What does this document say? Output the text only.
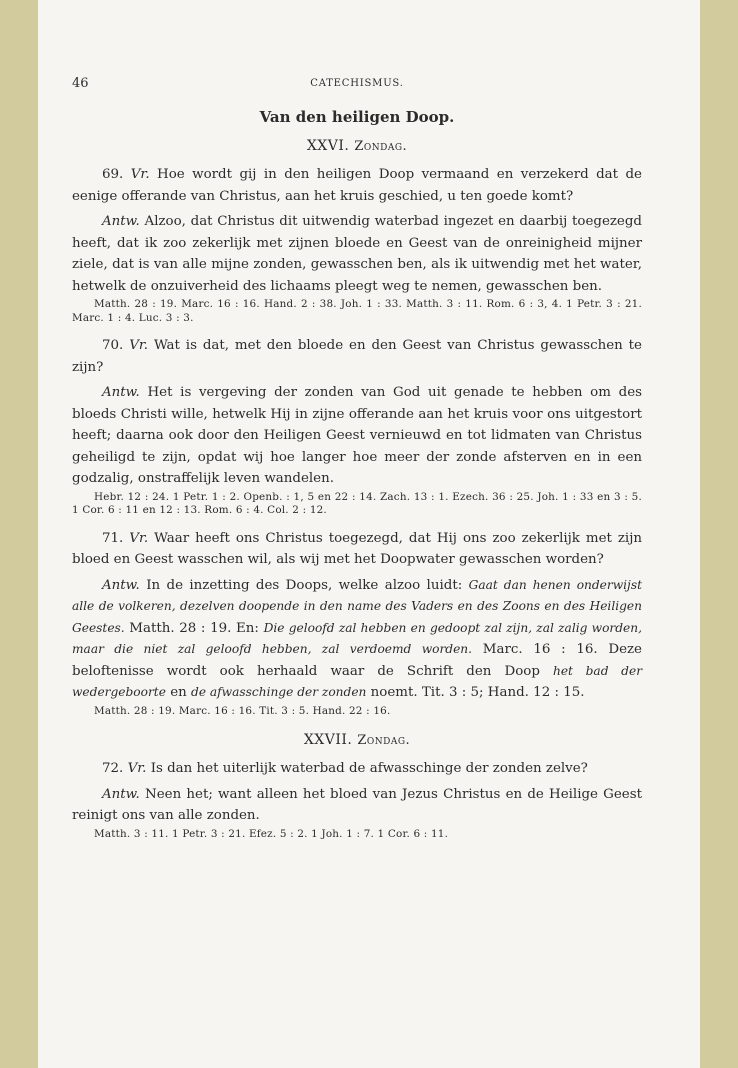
46	CATECHISMUS.
Van den heiligen Doop.
XXVI. Zondag.

69. Vr. Hoe wordt gij in den heiligen Doop vermaand en verzekerd dat de eenige offerande van Christus, aan het kruis geschied, u ten goede komt?

Antw. Alzoo, dat Christus dit uitwendig waterbad ingezet en daarbij toegezegd heeft, dat ik zoo zekerlijk met zijnen bloede en Geest van de onreinigheid mijner ziele, dat is van alle mijne zonden, gewasschen ben, als ik uitwendig met het water, hetwelk de onzuiverheid des lichaams pleegt weg te nemen, gewasschen ben.

Matth. 28 : 19. Marc. 16 : 16. Hand. 2 : 38. Joh. 1 : 33. Matth. 3 : 11. Rom. 6 : 3, 4. 1 Petr. 3 : 21. Marc. 1 : 4. Luc. 3 : 3.

70. Vr. Wat is dat, met den bloede en den Geest van Christus gewasschen te zijn?

Antw. Het is vergeving der zonden van God uit genade te hebben om des bloeds Christi wille, hetwelk Hij in zijne offerande aan het kruis voor ons uitgestort heeft; daarna ook door den Heiligen Geest vernieuwd en tot lidmaten van Christus geheiligd te zijn, opdat wij hoe langer hoe meer der zonde afsterven en in een godzalig, onstraffelijk leven wandelen.

Hebr. 12 : 24. 1 Petr. 1 : 2. Openb. : 1, 5 en 22 : 14. Zach. 13 : 1. Ezech. 36 : 25. Joh. 1 : 33 en 3 : 5. 1 Cor. 6 : 11 en 12 : 13. Rom. 6 : 4. Col. 2 : 12.

71. Vr. Waar heeft ons Christus toegezegd, dat Hij ons zoo zekerlijk met zijn bloed en Geest wasschen wil, als wij met het Doopwater gewasschen worden?

Antw. In de inzetting des Doops, welke alzoo luidt: Gaat dan henen onderwijst alle de volkeren, dezelven doopende in den name des Vaders en des Zoons en des Heiligen Geestes. Matth. 28 : 19. En: Die geloofd zal hebben en gedoopt zal zijn, zal zalig worden, maar die niet zal geloofd hebben, zal verdoemd worden. Marc. 16 : 16. Deze beloftenisse wordt ook herhaald waar de Schrift den Doop het bad der wedergeboorte en de afwasschinge der zonden noemt. Tit. 3 : 5; Hand. 12 : 15.

Matth. 28 : 19. Marc. 16 : 16. Tit. 3 : 5. Hand. 22 : 16.

XXVII. Zondag.

72. Vr. Is dan het uiterlijk waterbad de afwasschinge der zonden zelve?

Antw. Neen het; want alleen het bloed van Jezus Christus en de Heilige Geest reinigt ons van alle zonden.

Matth. 3 : 11. 1 Petr. 3 : 21. Efez. 5 : 2. 1 Joh. 1 : 7. 1 Cor. 6 : 11.
